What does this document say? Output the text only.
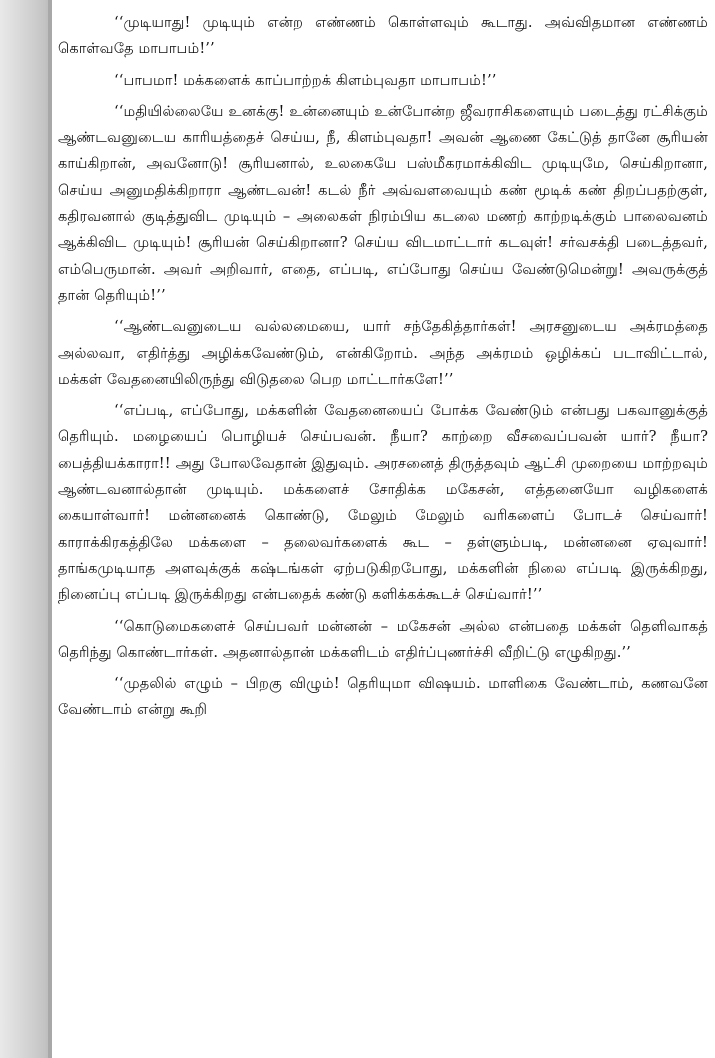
‘‘முடியாது! முடியும் என்ற எண்ணம் கொள்ளவும் கூடாது. அவ்விதமான எண்ணம் கொள்வதே மாபாபம்!’’

‘‘பாபமா! மக்களைக் காப்பாற்றக் கிளம்புவதா மாபாபம்!’’

‘‘மதியில்லையே உனக்கு! உன்னையும் உன்போன்ற ஜீவராசிகளையும் படைத்து ரட்சிக்கும் ஆண்டவனுடைய காரியத்தைச் செய்ய, நீ, கிளம்புவதா! அவன் ஆணை கேட்டுத் தானே சூரியன் காய்கிறான், அவனோடு! சூரியனால், உலகையே பஸ்மீகரமாக்கிவிட முடியுமே, செய்கிறானா, செய்ய அனுமதிக்கிறாரா ஆண்டவன்! கடல் நீர் அவ்வளவையும் கண் மூடிக் கண் திறப்பதற்குள், கதிரவனால் குடித்துவிட முடியும் – அலைகள் நிரம்பிய கடலை மணற் காற்றடிக்கும் பாலைவனம் ஆக்கிவிட முடியும்! சூரியன் செய்கிறானா? செய்ய விடமாட்டார் கடவுள்! சர்வசக்தி படைத்தவர், எம்பெருமான். அவர் அறிவார், எதை, எப்படி, எப்போது செய்ய வேண்டுமென்று! அவருக்குத் தான் தெரியும்!’’

‘‘ஆண்டவனுடைய வல்லமையை, யார் சந்தேகித்தார்கள்! அரசனுடைய அக்ரமத்தை அல்லவா, எதிர்த்து அழிக்கவேண்டும், என்கிறோம். அந்த அக்ரமம் ஒழிக்கப் படாவிட்டால், மக்கள் வேதனையிலிருந்து விடுதலை பெற மாட்டார்களே!’’

‘‘எப்படி, எப்போது, மக்களின் வேதனையைப் போக்க வேண்டும் என்பது பகவானுக்குத் தெரியும். மழையைப் பொழியச் செய்பவன். நீயா? காற்றை வீசவைப்பவன் யார்? நீயா? பைத்தியக்காரா!! அது போலவேதான் இதுவும். அரசனைத் திருத்தவும் ஆட்சி முறையை மாற்றவும் ஆண்டவனால்தான் முடியும். மக்களைச் சோதிக்க மகேசன், எத்தனையோ வழிகளைக் கையாள்வார்! மன்னனைக் கொண்டு, மேலும் மேலும் வரிகளைப் போடச் செய்வார்! காராக்கிரகத்திலே மக்களை – தலைவர்களைக் கூட – தள்ளும்படி, மன்னனை ஏவுவார்! தாங்கமுடியாத அளவுக்குக் கஷ்டங்கள் ஏற்படுகிறபோது, மக்களின் நிலை எப்படி இருக்கிறது, நினைப்பு எப்படி இருக்கிறது என்பதைக் கண்டு களிக்கக்கூடச் செய்வார்!’’

‘‘கொடுமைகளைச் செய்பவர் மன்னன் – மகேசன் அல்ல என்பதை மக்கள் தெளிவாகத் தெரிந்து கொண்டார்கள். அதனால்தான் மக்களிடம் எதிர்ப்புணர்ச்சி வீறிட்டு எழுகிறது.’’

‘‘முதலில் எழும் – பிறகு விழும்! தெரியுமா விஷயம். மாளிகை வேண்டாம், கணவனே வேண்டாம் என்று கூறி
